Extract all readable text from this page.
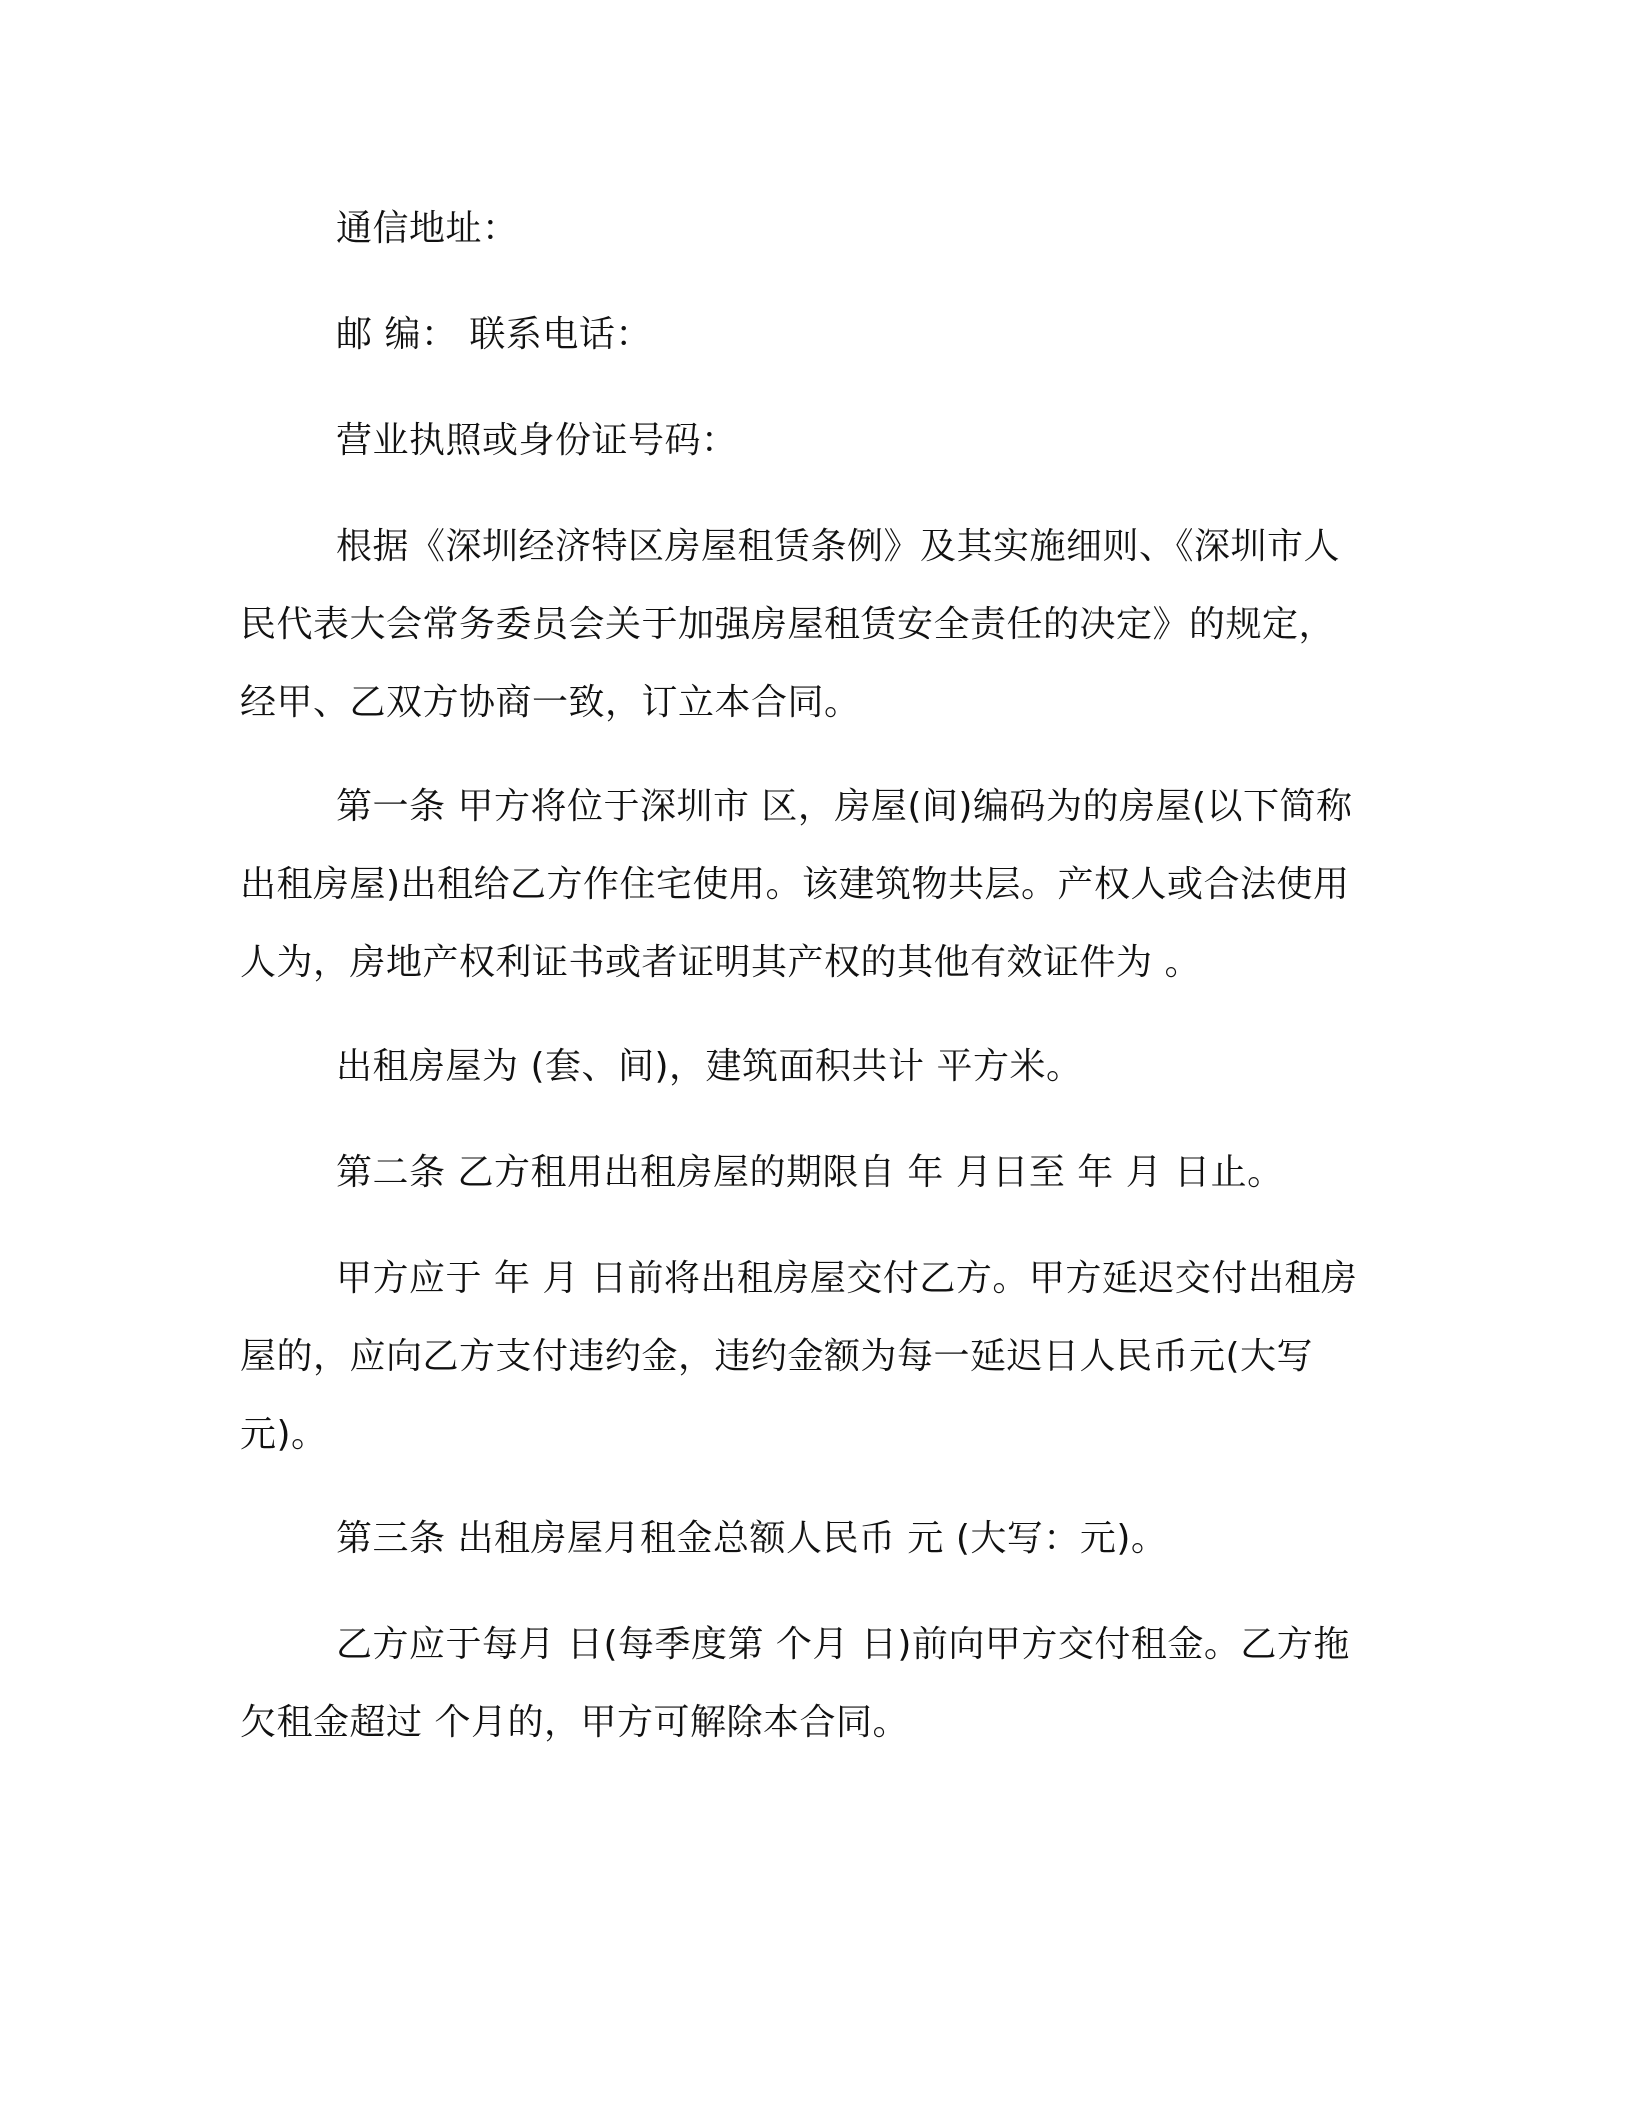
通信地址：

邮 编： 联系电话：

营业执照或身份证号码：

根据《深圳经济特区房屋租赁条例》及其实施细则、《深圳市人
民代表大会常务委员会关于加强房屋租赁安全责任的决定》的规定，
经甲、乙双方协商一致，订立本合同。

第一条 甲方将位于深圳市 区，房屋(间)编码为的房屋(以下简称
出租房屋)出租给乙方作住宅使用。该建筑物共层。产权人或合法使用
人为，房地产权利证书或者证明其产权的其他有效证件为 。

出租房屋为 (套、间)，建筑面积共计 平方米。

第二条 乙方租用出租房屋的期限自 年 月日至 年 月 日止。

甲方应于 年 月 日前将出租房屋交付乙方。甲方延迟交付出租房
屋的，应向乙方支付违约金，违约金额为每一延迟日人民币元(大写
元)。

第三条 出租房屋月租金总额人民币 元 (大写：元)。

乙方应于每月 日(每季度第 个月 日)前向甲方交付租金。乙方拖
欠租金超过 个月的，甲方可解除本合同。
